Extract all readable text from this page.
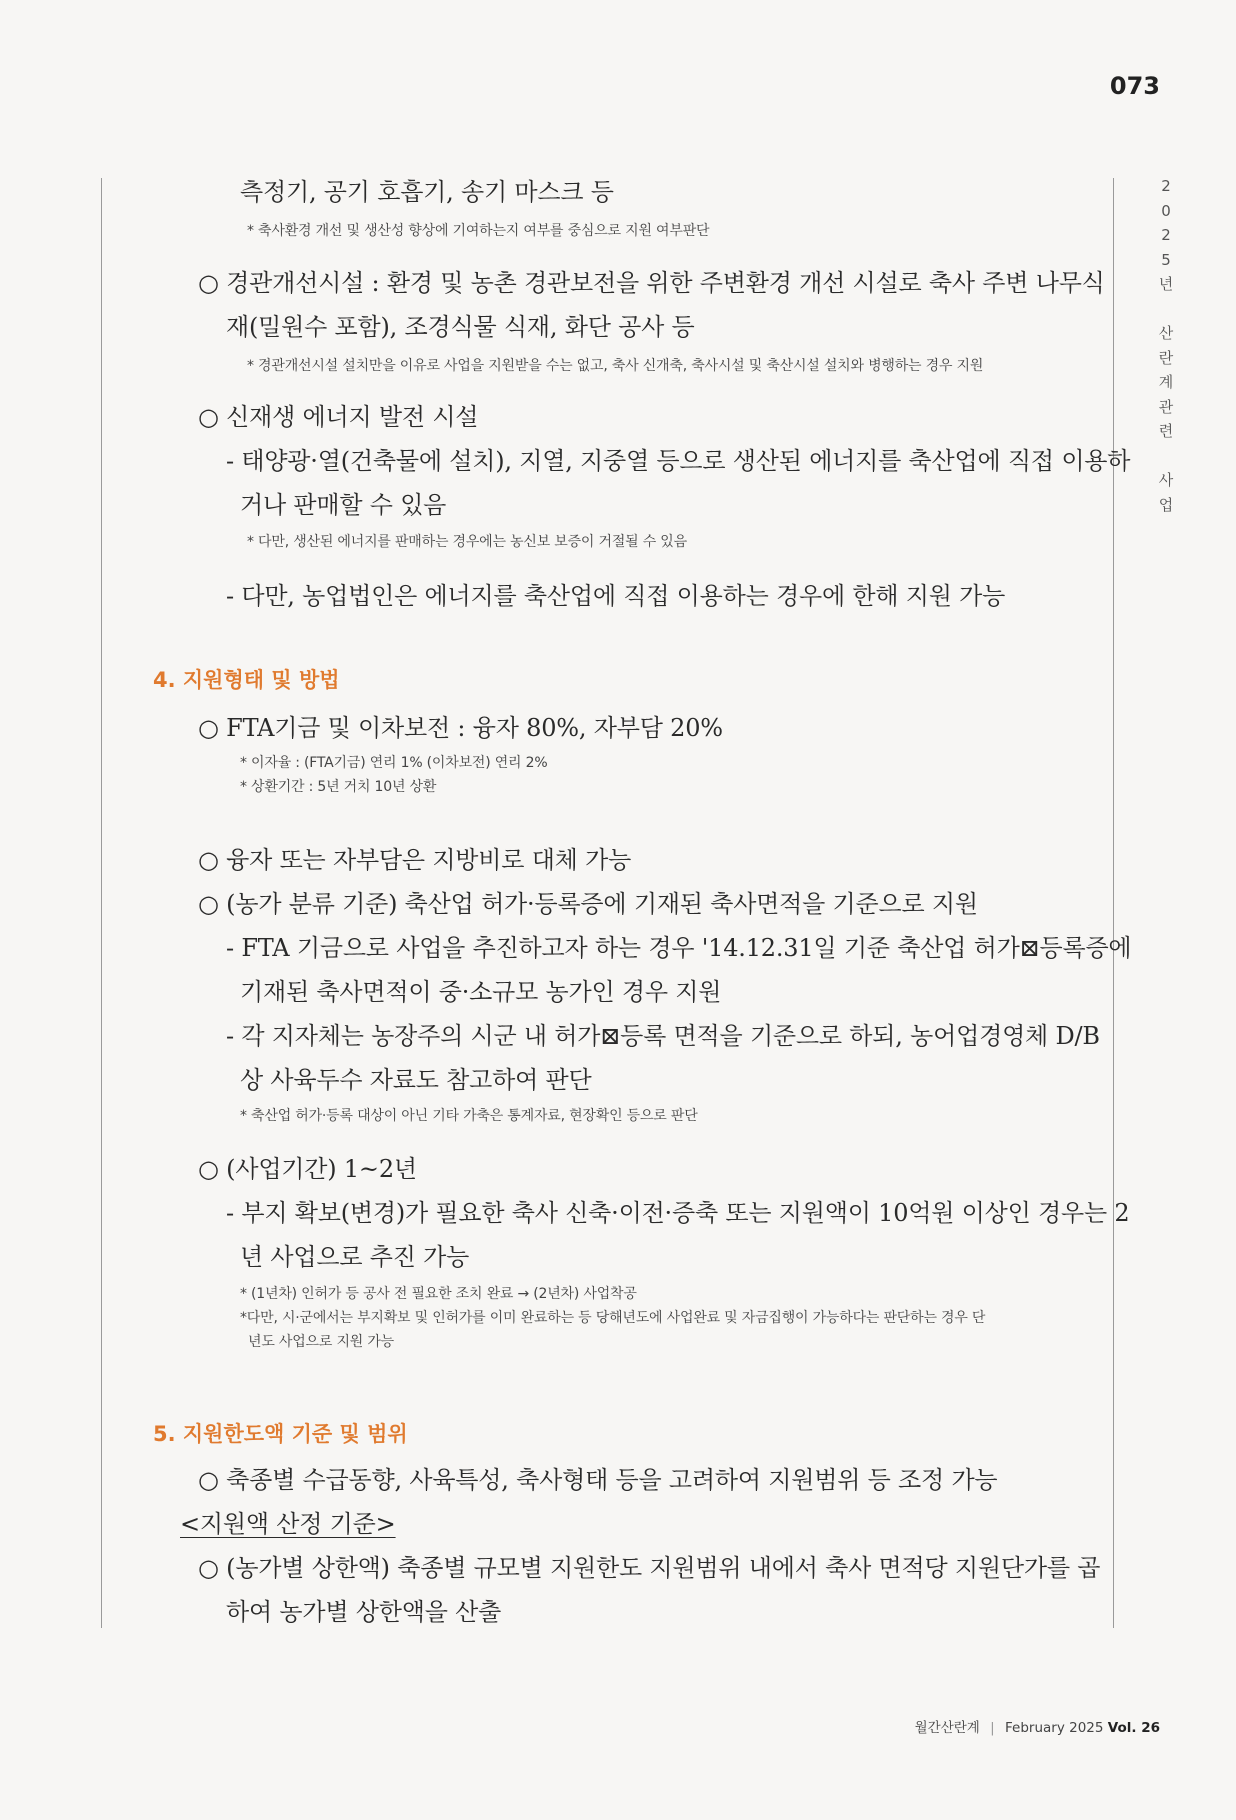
073
2
0
2
5
년

산
란
계
관
련

사
업
측정기, 공기 호흡기, 송기 마스크 등
* 축사환경 개선 및 생산성 향상에 기여하는지 여부를 중심으로 지원 여부판단
○ 경관개선시설 : 환경 및 농촌 경관보전을 위한 주변환경 개선 시설로 축사 주변 나무식
재(밀원수 포함), 조경식물 식재, 화단 공사 등
* 경관개선시설 설치만을 이유로 사업을 지원받을 수는 없고, 축사 신개축, 축사시설 및 축산시설 설치와 병행하는 경우 지원
○ 신재생 에너지 발전 시설
- 태양광·열(건축물에 설치), 지열, 지중열 등으로 생산된 에너지를 축산업에 직접 이용하
거나 판매할 수 있음
* 다만, 생산된 에너지를 판매하는 경우에는 농신보 보증이 거절될 수 있음
- 다만, 농업법인은 에너지를 축산업에 직접 이용하는 경우에 한해 지원 가능
4. 지원형태 및 방법
○ FTA기금 및 이차보전 : 융자 80%, 자부담 20%
* 이자율 : (FTA기금) 연리 1% (이차보전) 연리 2%
* 상환기간 : 5년 거치 10년 상환
○ 융자 또는 자부담은 지방비로 대체 가능
○ (농가 분류 기준) 축산업 허가·등록증에 기재된 축사면적을 기준으로 지원
- FTA 기금으로 사업을 추진하고자 하는 경우 '14.12.31일 기준 축산업 허가⊠등록증에
기재된 축사면적이 중·소규모 농가인 경우 지원
- 각 지자체는 농장주의 시군 내 허가⊠등록 면적을 기준으로 하되, 농어업경영체 D/B
상 사육두수 자료도 참고하여 판단
* 축산업 허가·등록 대상이 아닌 기타 가축은 통계자료, 현장확인 등으로 판단
○ (사업기간) 1~2년
- 부지 확보(변경)가 필요한 축사 신축·이전·증축 또는 지원액이 10억원 이상인 경우는 2
년 사업으로 추진 가능
* (1년차) 인허가 등 공사 전 필요한 조치 완료 → (2년차) 사업착공
*다만, 시·군에서는 부지확보 및 인허가를 이미 완료하는 등 당해년도에 사업완료 및 자금집행이 가능하다는 판단하는 경우 단
년도 사업으로 지원 가능
5. 지원한도액 기준 및 범위
○ 축종별 수급동향, 사육특성, 축사형태 등을 고려하여 지원범위 등 조정 가능
<지원액 산정 기준>
○ (농가별 상한액) 축종별 규모별 지원한도 지원범위 내에서 축사 면적당 지원단가를 곱
하여 농가별 상한액을 산출
월간산란계 | February 2025 Vol. 26
